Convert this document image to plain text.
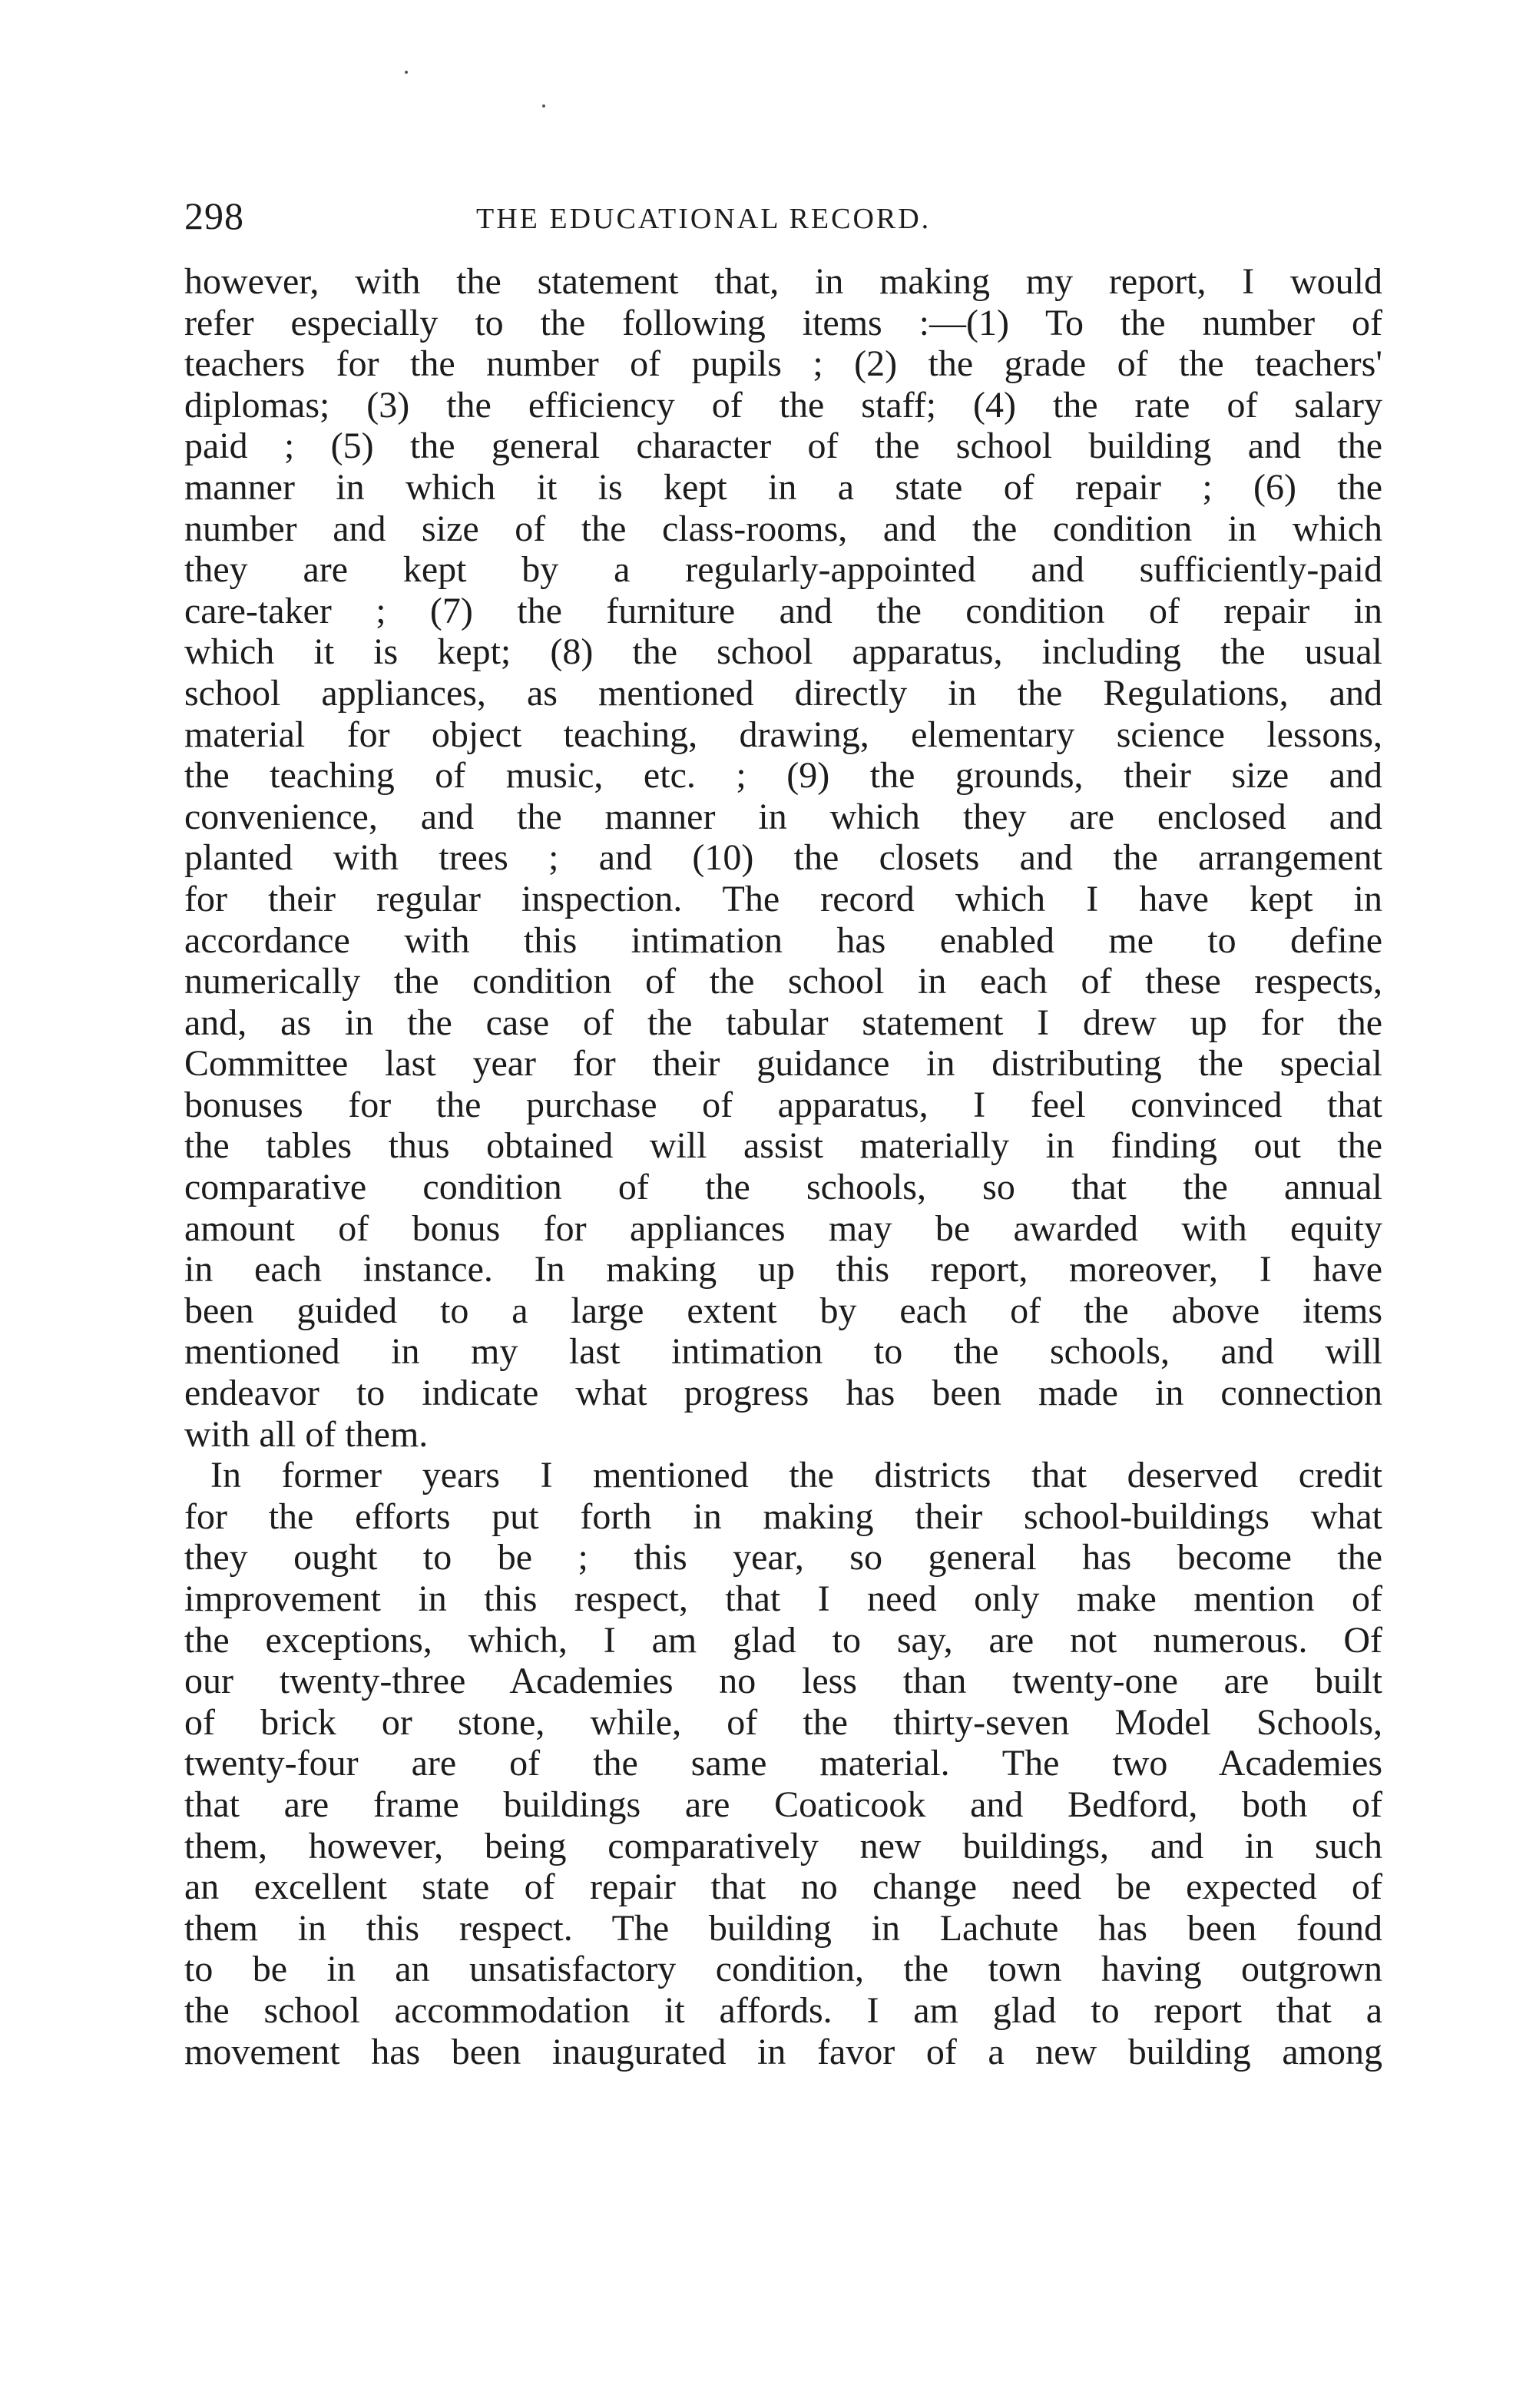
298	THE EDUCATIONAL RECORD.
however, with the statement that, in making my report, I would
refer especially to the following items :—(1) To the number of
teachers for the number of pupils ; (2) the grade of the teachers'
diplomas; (3) the efficiency of the staff; (4) the rate of salary
paid ; (5) the general character of the school building and the
manner in which it is kept in a state of repair ; (6) the
number and size of the class-rooms, and the condition in which
they are kept by a regularly-appointed and sufficiently-paid
care-taker ; (7) the furniture and the condition of repair in
which it is kept; (8) the school apparatus, including the usual
school appliances, as mentioned directly in the Regulations, and
material for object teaching, drawing, elementary science lessons,
the teaching of music, etc. ; (9) the grounds, their size and
convenience, and the manner in which they are enclosed and
planted with trees ; and (10) the closets and the arrangement
for their regular inspection. The record which I have kept in
accordance with this intimation has enabled me to define
numerically the condition of the school in each of these respects,
and, as in the case of the tabular statement I drew up for the
Committee last year for their guidance in distributing the special
bonuses for the purchase of apparatus, I feel convinced that
the tables thus obtained will assist materially in finding out the
comparative condition of the schools, so that the annual
amount of bonus for appliances may be awarded with equity
in each instance. In making up this report, moreover, I have
been guided to a large extent by each of the above items
mentioned in my last intimation to the schools, and will
endeavor to indicate what progress has been made in connection
with all of them.
In former years I mentioned the districts that deserved credit
for the efforts put forth in making their school-buildings what
they ought to be ; this year, so general has become the
improvement in this respect, that I need only make mention of
the exceptions, which, I am glad to say, are not numerous. Of
our twenty-three Academies no less than twenty-one are built
of brick or stone, while, of the thirty-seven Model Schools,
twenty-four are of the same material. The two Academies
that are frame buildings are Coaticook and Bedford, both of
them, however, being comparatively new buildings, and in such
an excellent state of repair that no change need be expected of
them in this respect. The building in Lachute has been found
to be in an unsatisfactory condition, the town having outgrown
the school accommodation it affords. I am glad to report that a
movement has been inaugurated in favor of a new building among
